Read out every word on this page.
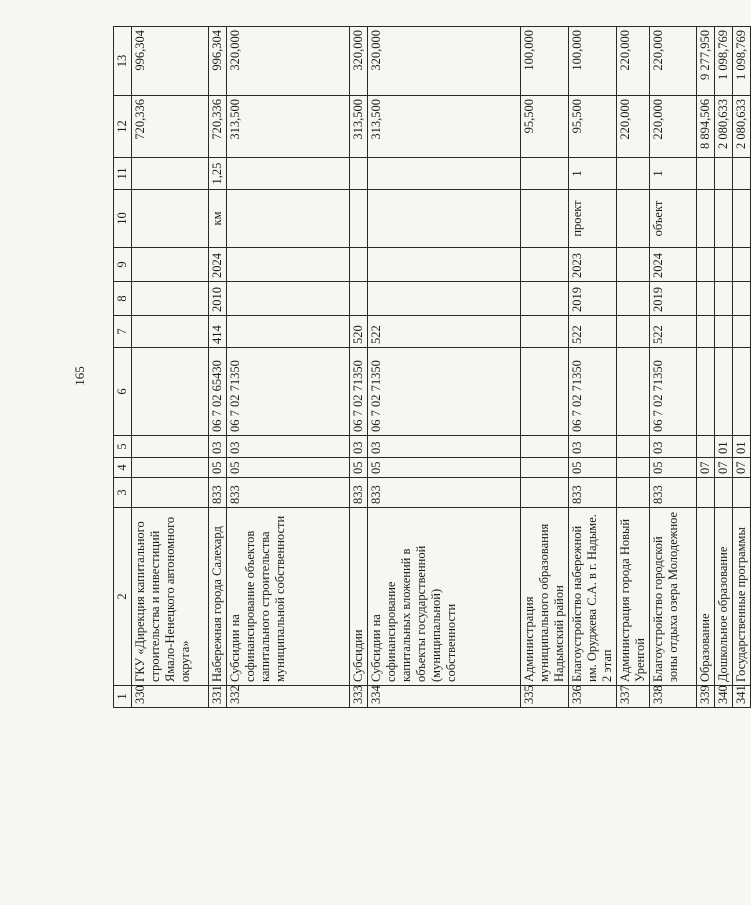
165
1	2	3	4	5	6	7	8	9	10	11	12	13
330	ГКУ «Дирекция капитального строительства и инвестиций Ямало-Ненецкого автономного округа»										720,336	996,304
331	Набережная города Салехард	833	05	03	06 7 02 65430	414	2010	2024	км	1,25	720,336	996,304
332	Субсидии на софинансирование объектов капитального строительства муниципальной собственности	833	05	03	06 7 02 71350						313,500	320,000
333	Субсидии	833	05	03	06 7 02 71350	520					313,500	320,000
334	Субсидии на софинансирование капитальных вложений в объекты государственной (муниципальной) собственности	833	05	03	06 7 02 71350	522					313,500	320,000
335	Администрация муниципального образования Надымский район										95,500	100,000
336	Благоустройство набережной им. Оруджева С.А. в г. Надыме. 2 этап	833	05	03	06 7 02 71350	522	2019	2023	проект	1	95,500	100,000
337	Администрация города Новый Уренгой										220,000	220,000
338	Благоустройство городской зоны отдыха озера Молодежное	833	05	03	06 7 02 71350	522	2019	2024	объект	1	220,000	220,000
339	Образование		07								8 894,506	9 277,950
340	Дошкольное образование		07	01							2 080,633	1 098,769
341	Государственные программы		07	01							2 080,633	1 098,769
